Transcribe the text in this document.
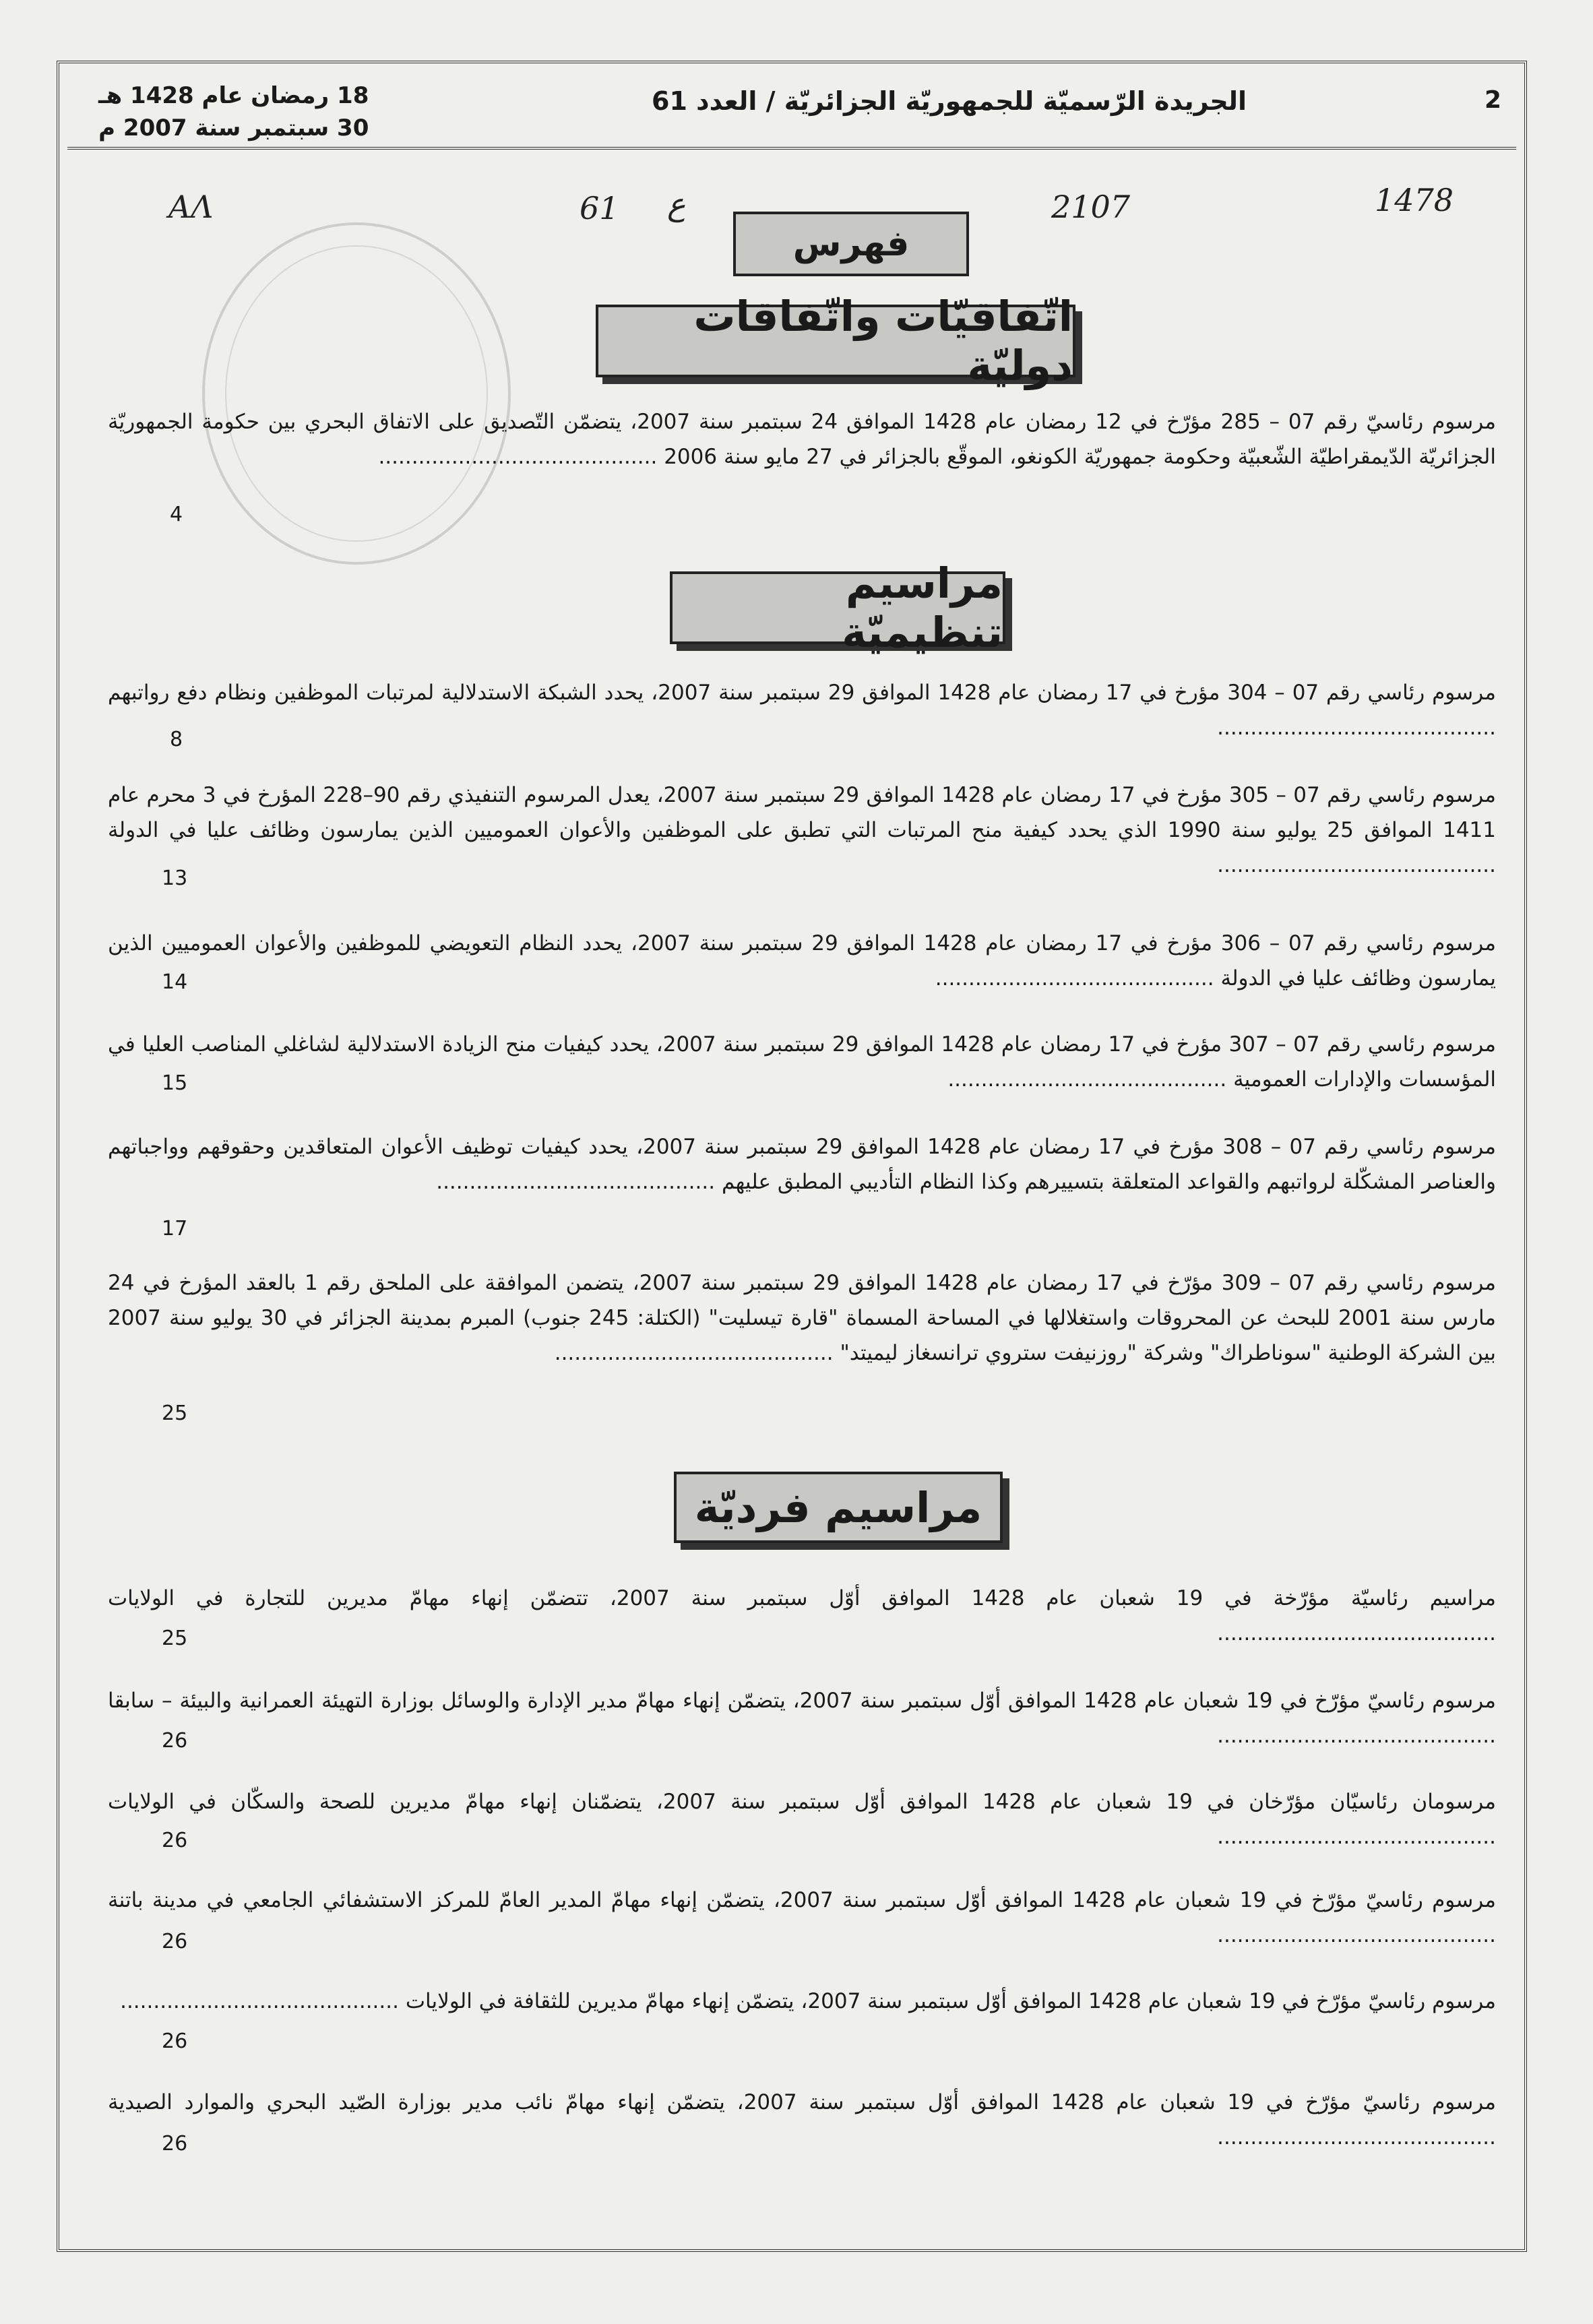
18 رمضان عام 1428 هـ
30 سبتمبر سنة 2007 م
الجريدة الرّسميّة للجمهوريّة الجزائريّة / العدد 61	2
ΑΛ	61 ع	2107	1478
فهرس
اتّفاقيّات واتّفاقات دوليّة
مرسوم رئاسيّ رقم 07 – 285 مؤرّخ في 12 رمضان عام 1428 الموافق 24 سبتمبر سنة 2007، يتضمّن التّصديق على الاتفاق البحري بين حكومة الجمهوريّة الجزائريّة الدّيمقراطيّة الشّعبيّة وحكومة جمهوريّة الكونغو، الموقّع بالجزائر في 27 مايو سنة 2006 ..........................................
4
مراسيم تنظيميّة
مرسوم رئاسي رقم 07 – 304 مؤرخ في 17 رمضان عام 1428 الموافق 29 سبتمبر سنة 2007، يحدد الشبكة الاستدلالية لمرتبات الموظفين ونظام دفع رواتبهم ..........................................
8
مرسوم رئاسي رقم 07 – 305 مؤرخ في 17 رمضان عام 1428 الموافق 29 سبتمبر سنة 2007، يعدل المرسوم التنفيذي رقم 90–228 المؤرخ في 3 محرم عام 1411 الموافق 25 يوليو سنة 1990 الذي يحدد كيفية منح المرتبات التي تطبق على الموظفين والأعوان العموميين الذين يمارسون وظائف عليا في الدولة ..........................................
13
مرسوم رئاسي رقم 07 – 306 مؤرخ في 17 رمضان عام 1428 الموافق 29 سبتمبر سنة 2007، يحدد النظام التعويضي للموظفين والأعوان العموميين الذين يمارسون وظائف عليا في الدولة ..........................................
14
مرسوم رئاسي رقم 07 – 307 مؤرخ في 17 رمضان عام 1428 الموافق 29 سبتمبر سنة 2007، يحدد كيفيات منح الزيادة الاستدلالية لشاغلي المناصب العليا في المؤسسات والإدارات العمومية ..........................................
15
مرسوم رئاسي رقم 07 – 308 مؤرخ في 17 رمضان عام 1428 الموافق 29 سبتمبر سنة 2007، يحدد كيفيات توظيف الأعوان المتعاقدين وحقوقهم وواجباتهم والعناصر المشكّلة لرواتبهم والقواعد المتعلقة بتسييرهم وكذا النظام التأديبي المطبق عليهم ..........................................
17
مرسوم رئاسي رقم 07 – 309 مؤرّخ في 17 رمضان عام 1428 الموافق 29 سبتمبر سنة 2007، يتضمن الموافقة على الملحق رقم 1 بالعقد المؤرخ في 24 مارس سنة 2001 للبحث عن المحروقات واستغلالها في المساحة المسماة "قارة تيسليت" (الكتلة: 245 جنوب) المبرم بمدينة الجزائر في 30 يوليو سنة 2007 بين الشركة الوطنية "سوناطراك" وشركة "روزنيفت ستروي ترانسغاز ليميتد" ..........................................
25
مراسيم فرديّة
مراسيم رئاسيّة مؤرّخة في 19 شعبان عام 1428 الموافق أوّل سبتمبر سنة 2007، تتضمّن إنهاء مهامّ مديرين للتجارة في الولايات ..........................................
25
مرسوم رئاسيّ مؤرّخ في 19 شعبان عام 1428 الموافق أوّل سبتمبر سنة 2007، يتضمّن إنهاء مهامّ مدير الإدارة والوسائل بوزارة التهيئة العمرانية والبيئة – سابقا ..........................................
26
مرسومان رئاسيّان مؤرّخان في 19 شعبان عام 1428 الموافق أوّل سبتمبر سنة 2007، يتضمّنان إنهاء مهامّ مديرين للصحة والسكّان في الولايات ..........................................
26
مرسوم رئاسيّ مؤرّخ في 19 شعبان عام 1428 الموافق أوّل سبتمبر سنة 2007، يتضمّن إنهاء مهامّ المدير العامّ للمركز الاستشفائي الجامعي في مدينة باتنة ..........................................
26
مرسوم رئاسيّ مؤرّخ في 19 شعبان عام 1428 الموافق أوّل سبتمبر سنة 2007، يتضمّن إنهاء مهامّ مديرين للثقافة في الولايات ..........................................
26
مرسوم رئاسيّ مؤرّخ في 19 شعبان عام 1428 الموافق أوّل سبتمبر سنة 2007، يتضمّن إنهاء مهامّ نائب مدير بوزارة الصّيد البحري والموارد الصيدية ..........................................
26
